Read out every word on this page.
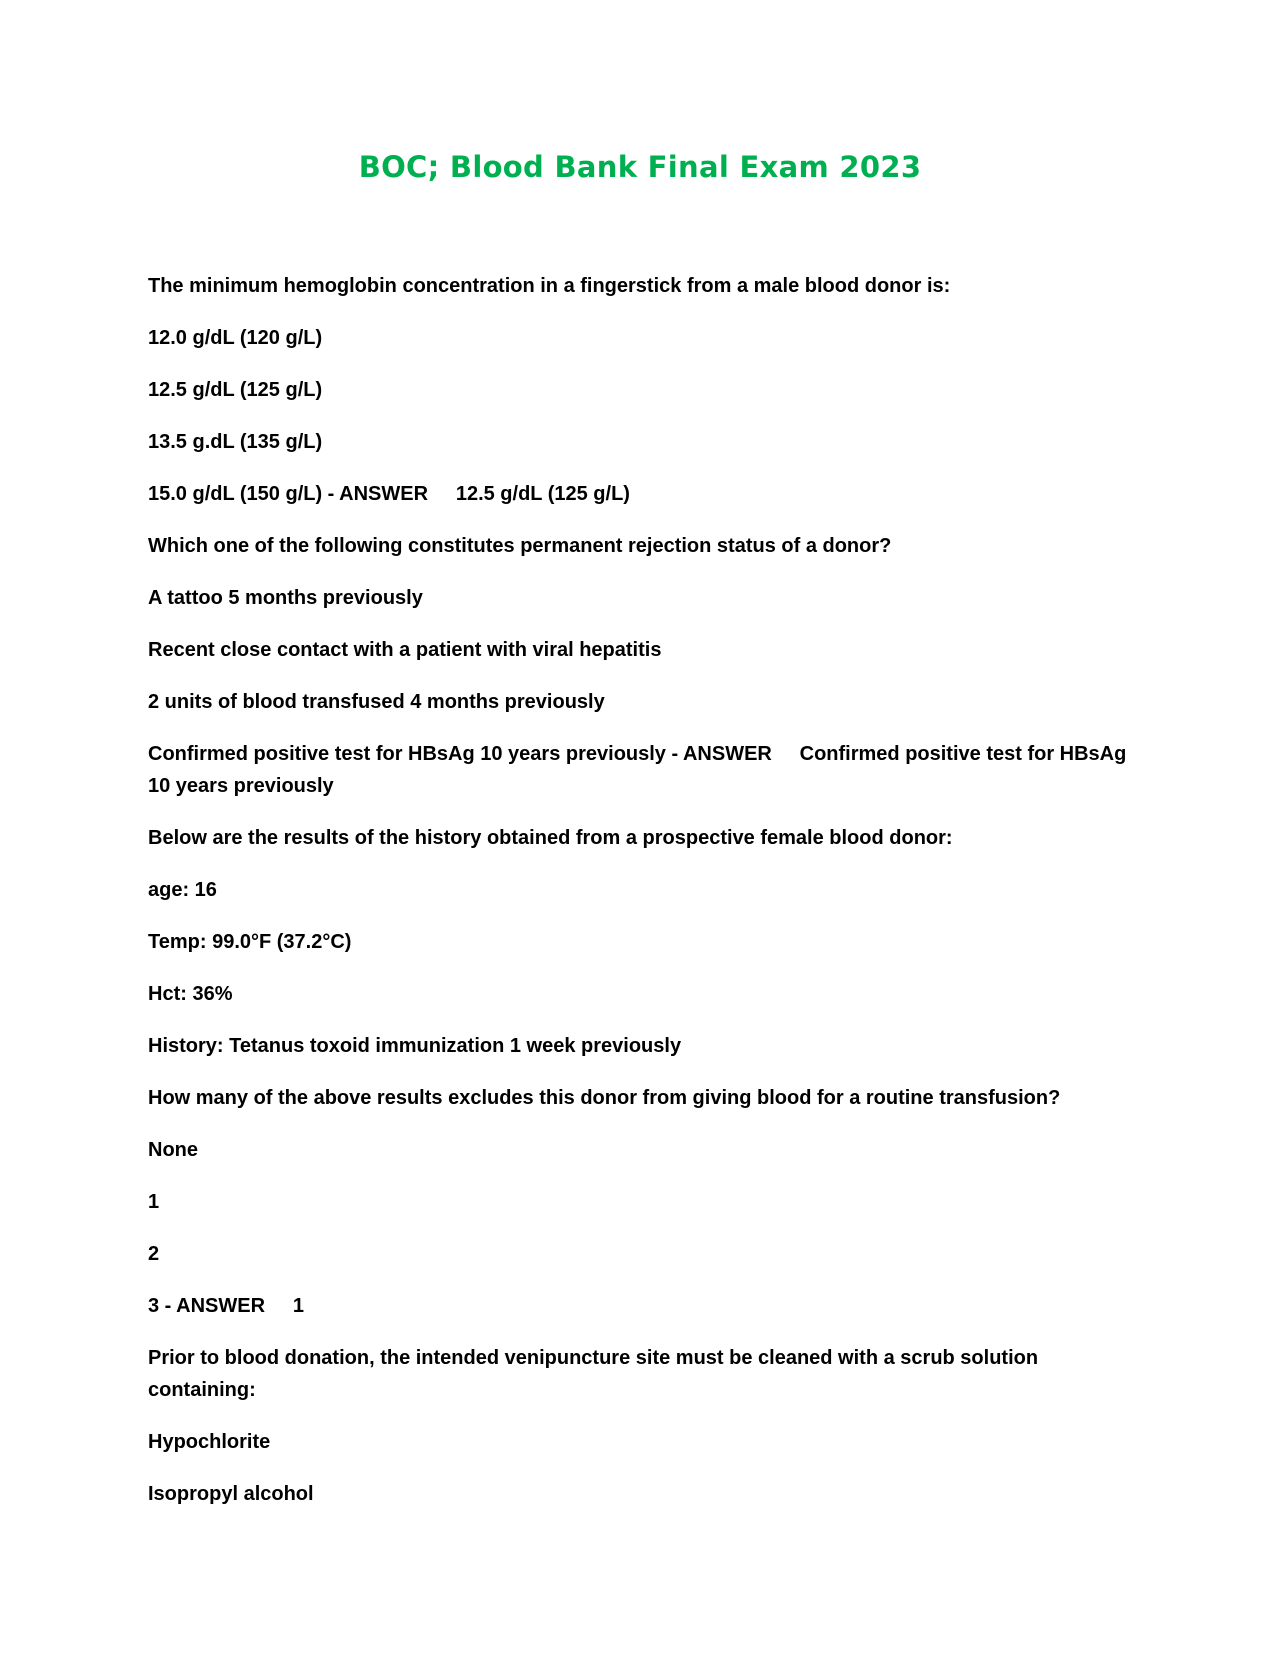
BOC; Blood Bank Final Exam 2023

The minimum hemoglobin concentration in a fingerstick from a male blood donor is:

12.0 g/dL (120 g/L)

12.5 g/dL (125 g/L)

13.5 g.dL (135 g/L)

15.0 g/dL (150 g/L) - ANSWER     12.5 g/dL (125 g/L)

Which one of the following constitutes permanent rejection status of a donor?

A tattoo 5 months previously

Recent close contact with a patient with viral hepatitis

2 units of blood transfused 4 months previously

Confirmed positive test for HBsAg 10 years previously - ANSWER     Confirmed positive test for HBsAg 10 years previously

Below are the results of the history obtained from a prospective female blood donor:

age: 16

Temp: 99.0°F (37.2°C)

Hct: 36%

History: Tetanus toxoid immunization 1 week previously

How many of the above results excludes this donor from giving blood for a routine transfusion?

None

1

2

3 - ANSWER     1

Prior to blood donation, the intended venipuncture site must be cleaned with a scrub solution containing:

Hypochlorite

Isopropyl alcohol
